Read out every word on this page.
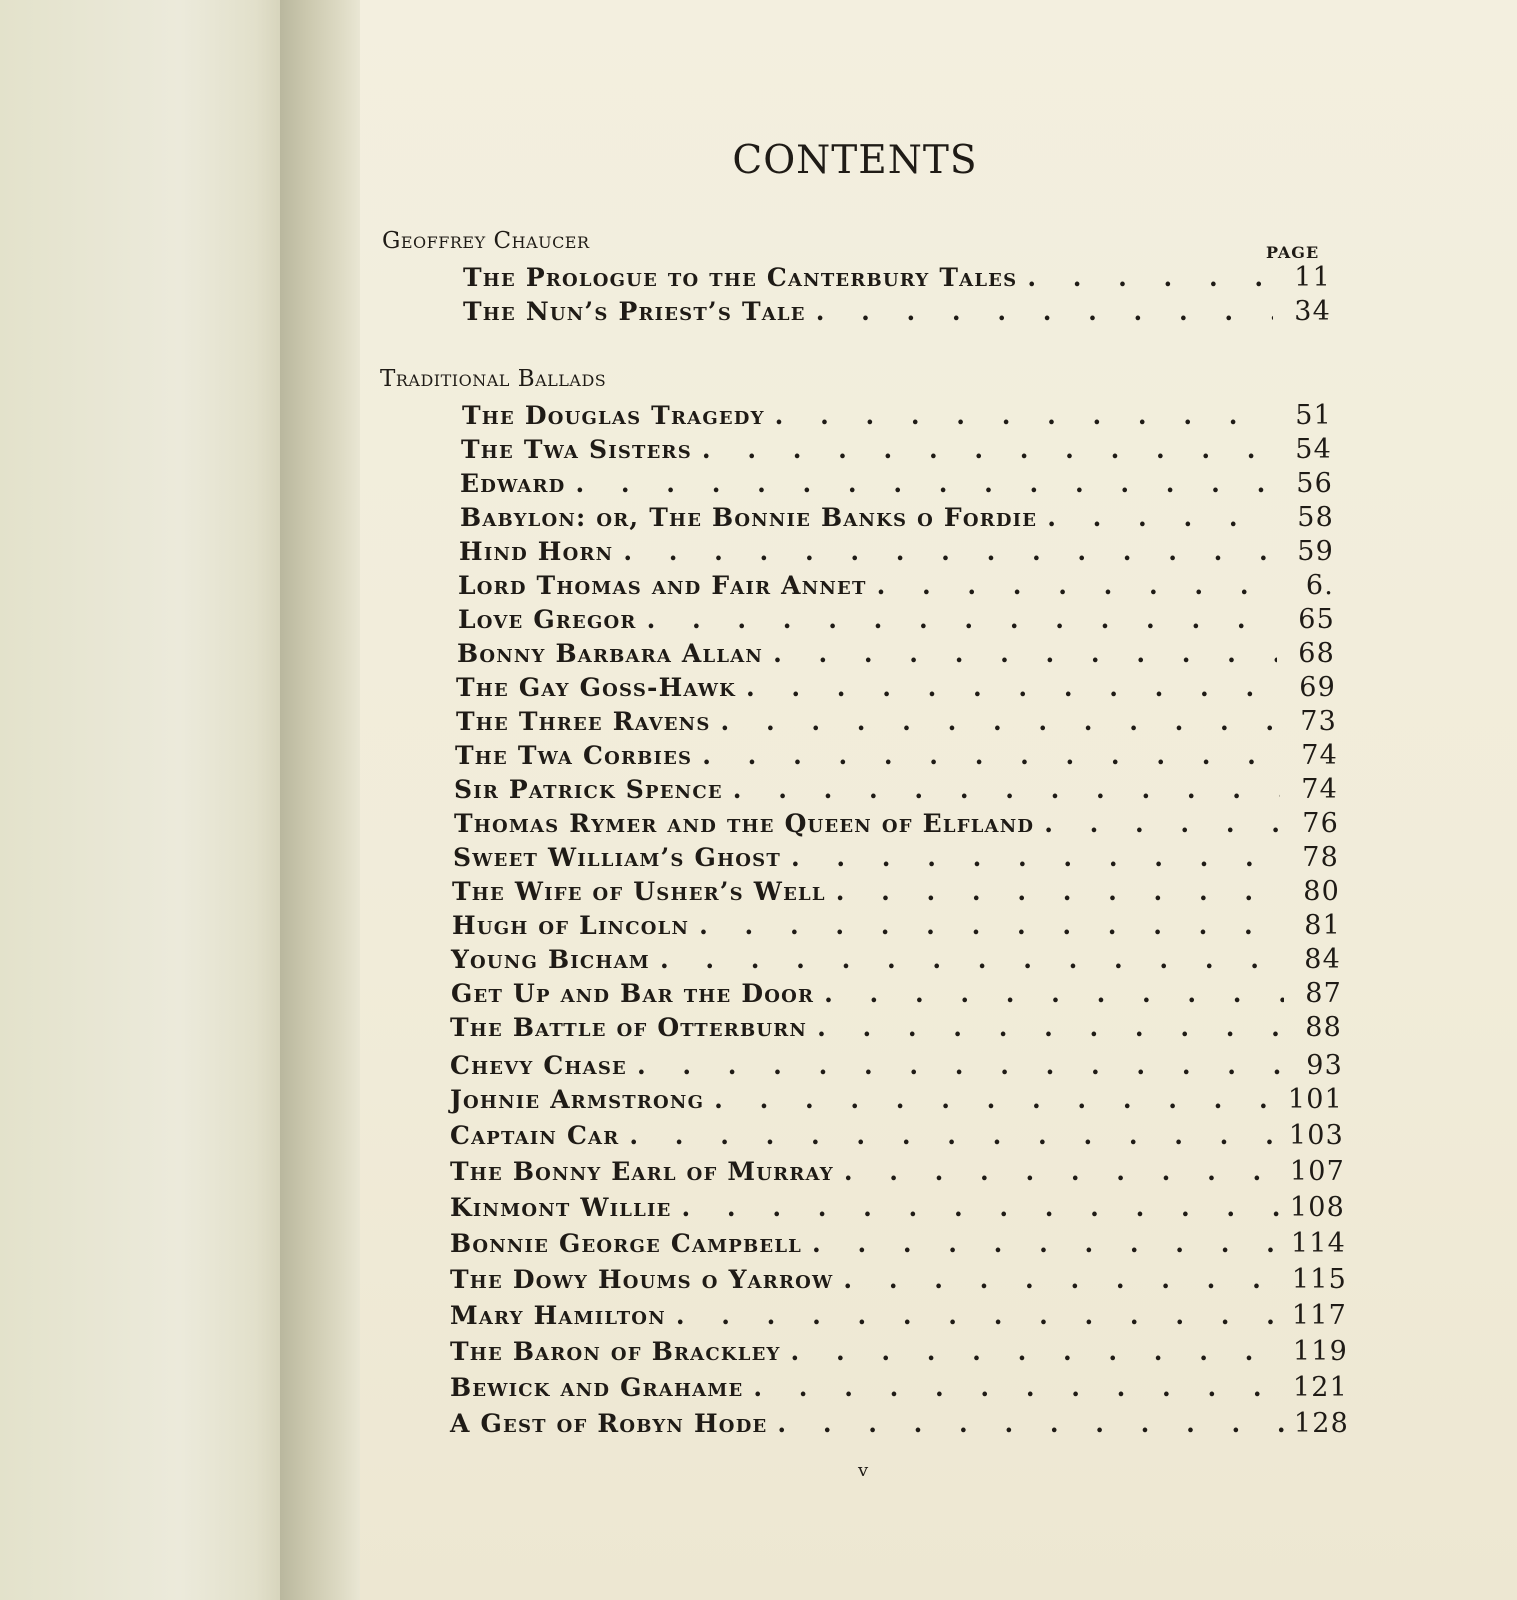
CONTENTS
PAGE
Geoffrey Chaucer
The Prologue to the Canterbury Tales . . .	11
The Nun’s Priest’s Tale . . .	34
Traditional Ballads
The Douglas Tragedy . . .	51
The Twa Sisters . . .	54
Edward . . .	56
Babylon: or, The Bonnie Banks o Fordie . . .	58
Hind Horn . . .	59
Lord Thomas and Fair Annet . . .	6.
Love Gregor . . .	65
Bonny Barbara Allan . . .	68
The Gay Goss-Hawk . . .	69
The Three Ravens . . .	73
The Twa Corbies . . .	74
Sir Patrick Spence . . .	74
Thomas Rymer and the Queen of Elfland . . .	76
Sweet William’s Ghost . . .	78
The Wife of Usher’s Well . . .	80
Hugh of Lincoln . . .	81
Young Bicham . . .	84
Get Up and Bar the Door . . .	87
The Battle of Otterburn . . .	88
Chevy Chase . . .	93
Johnie Armstrong . . .	101
Captain Car . . .	103
The Bonny Earl of Murray . . .	107
Kinmont Willie . . .	108
Bonnie George Campbell . . .	114
The Dowy Houms o Yarrow . . .	115
Mary Hamilton . . .	117
The Baron of Brackley . . .	119
Bewick and Grahame . . .	121
A Gest of Robyn Hode . . .	128
v
